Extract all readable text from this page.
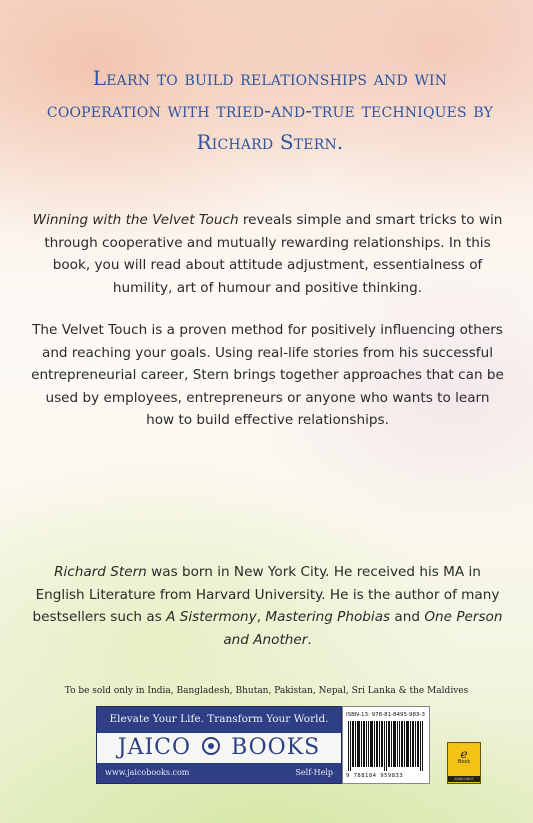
Learn to build relationships and win cooperation with tried-and-true techniques by Richard Stern.

Winning with the Velvet Touch reveals simple and smart tricks to win through cooperative and mutually rewarding relationships. In this book, you will read about attitude adjustment, essentialness of humility, art of humour and positive thinking.

The Velvet Touch is a proven method for positively influencing others and reaching your goals. Using real-life stories from his successful entrepreneurial career, Stern brings together approaches that can be used by employees, entrepreneurs or anyone who wants to learn how to build effective relationships.

Richard Stern was born in New York City. He received his MA in English Literature from Harvard University. He is the author of many bestsellers such as A Sistermony, Mastering Phobias and One Person and Another.

To be sold only in India, Bangladesh, Bhutan, Pakistan, Nepal, Sri Lanka & the Maldives
Elevate Your Life. Transform Your World.
JAICO BOOKS
www.jaicobooks.com	Self-Help
ISBN-13: 978-81-8495-983-3
9 788184 959833
e
Book
AVAILABLE
